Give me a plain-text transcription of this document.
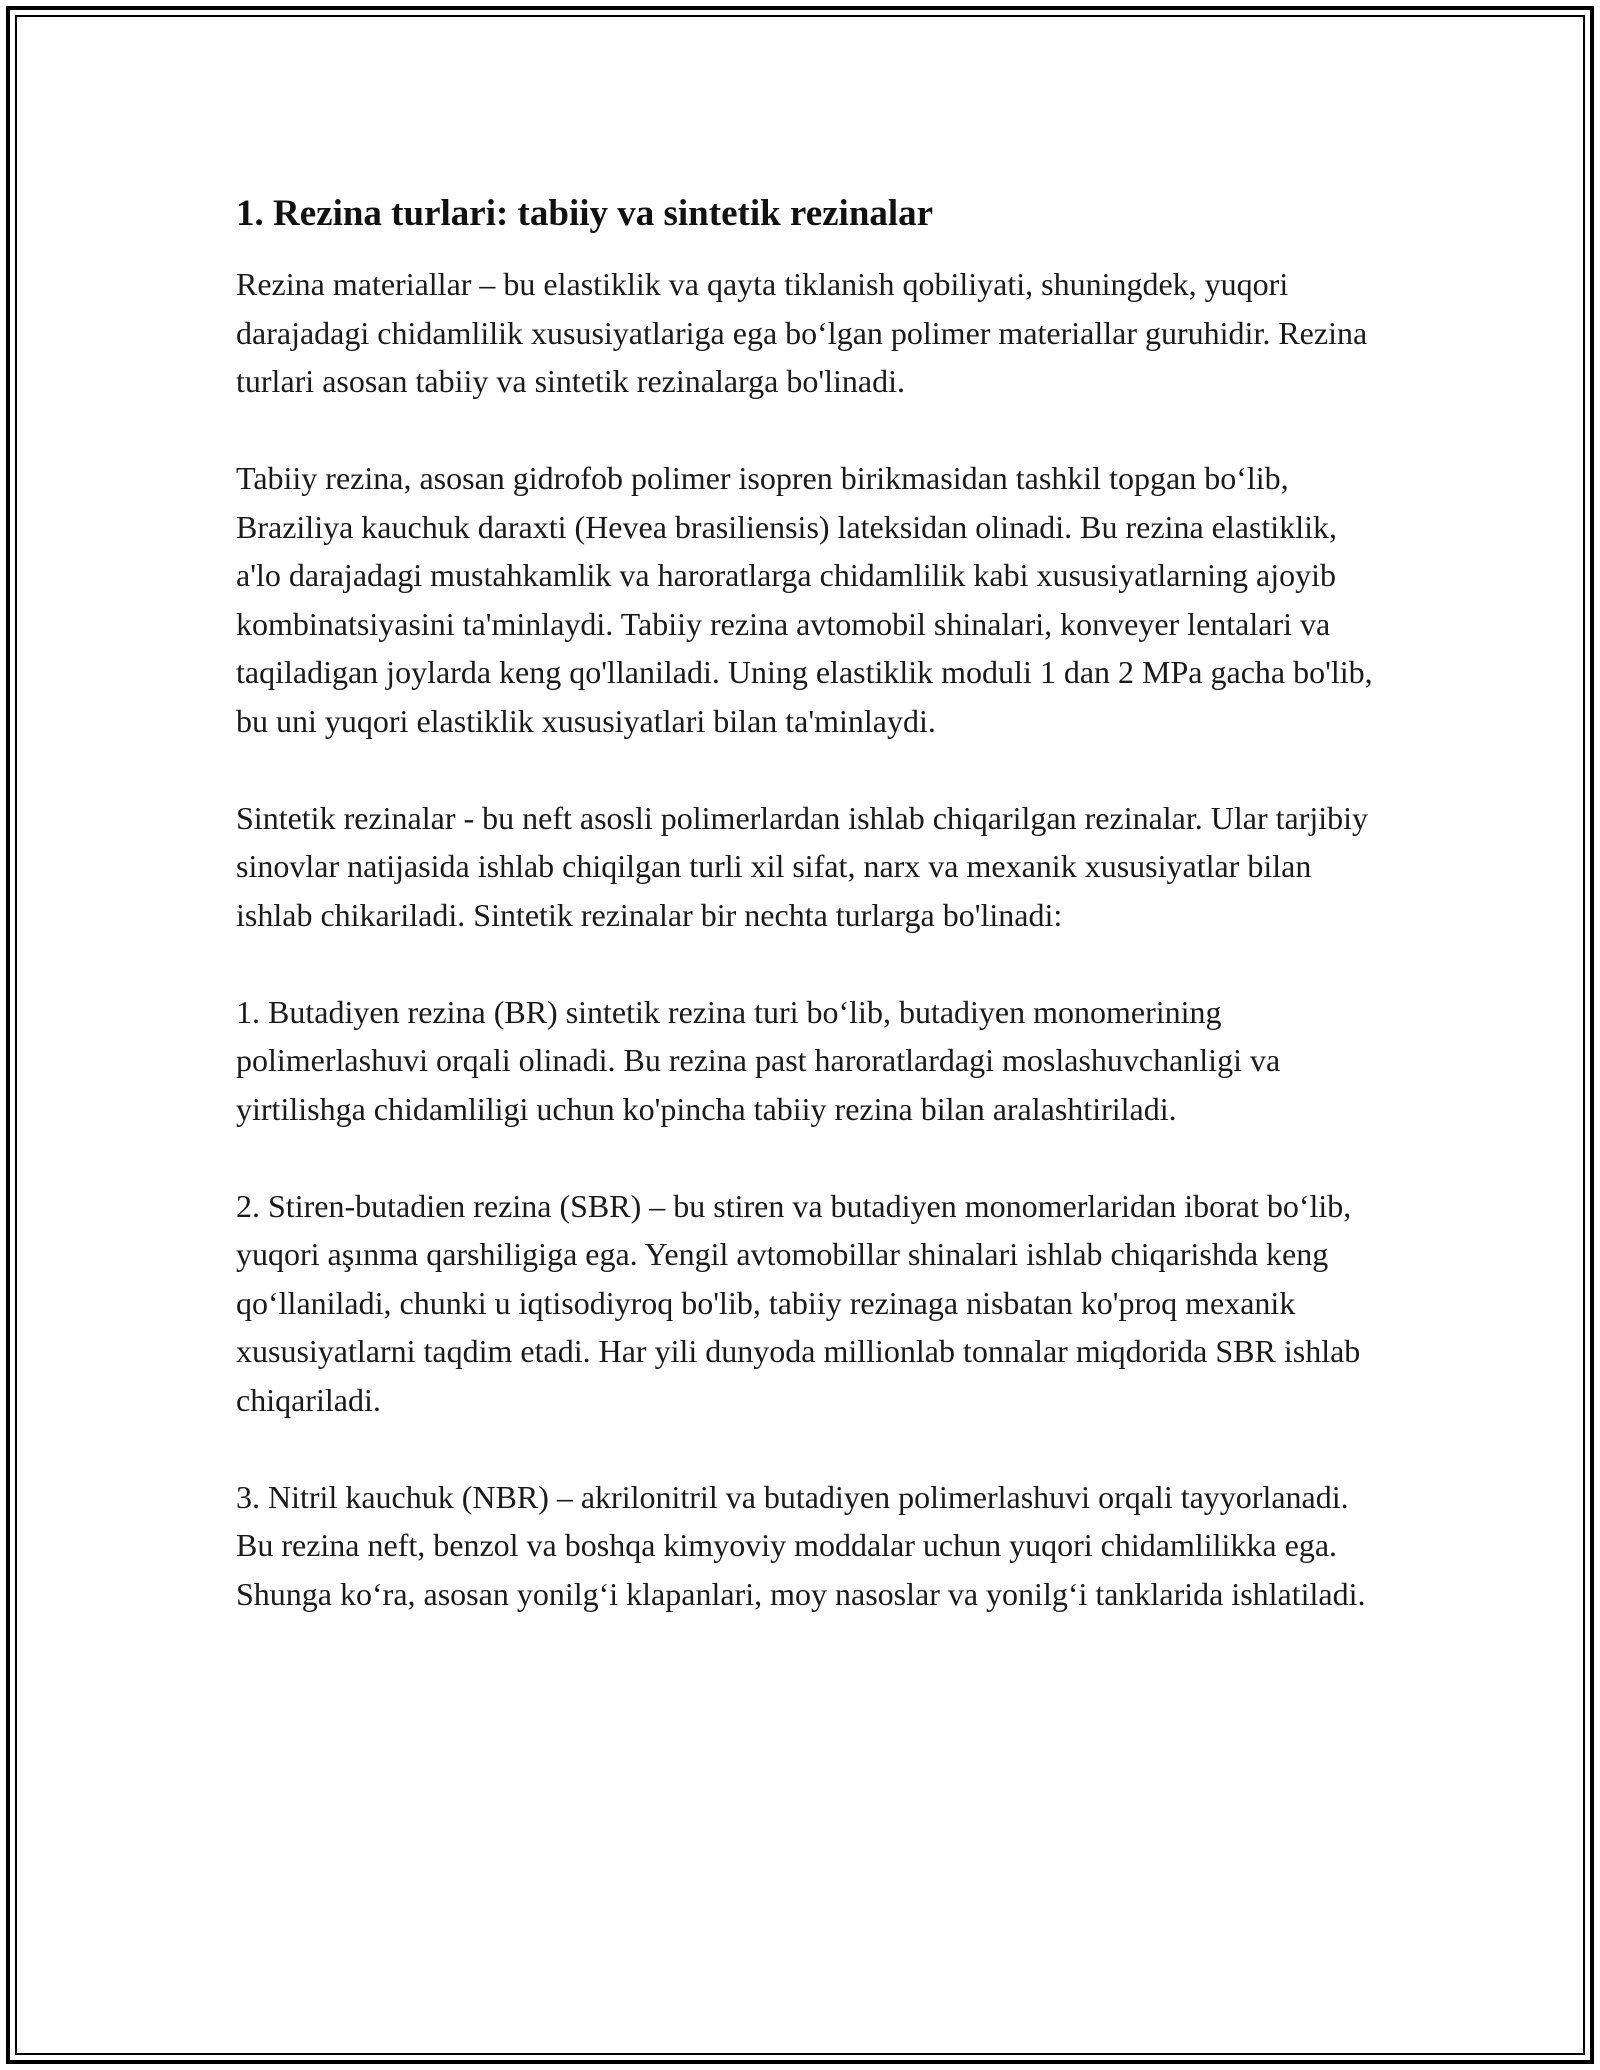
1. Rezina turlari: tabiiy va sintetik rezinalar

Rezina materiallar – bu elastiklik va qayta tiklanish qobiliyati, shuningdek, yuqori darajadagi chidamlilik xususiyatlariga ega bo‘lgan polimer materiallar guruhidir. Rezina turlari asosan tabiiy va sintetik rezinalarga bo'linadi.

Tabiiy rezina, asosan gidrofob polimer isopren birikmasidan tashkil topgan bo‘lib, Braziliya kauchuk daraxti (Hevea brasiliensis) lateksidan olinadi. Bu rezina elastiklik, a'lo darajadagi mustahkamlik va haroratlarga chidamlilik kabi xususiyatlarning ajoyib kombinatsiyasini ta'minlaydi. Tabiiy rezina avtomobil shinalari, konveyer lentalari va taqiladigan joylarda keng qo'llaniladi. Uning elastiklik moduli 1 dan 2 MPa gacha bo'lib, bu uni yuqori elastiklik xususiyatlari bilan ta'minlaydi.

Sintetik rezinalar - bu neft asosli polimerlardan ishlab chiqarilgan rezinalar. Ular tarjibiy sinovlar natijasida ishlab chiqilgan turli xil sifat, narx va mexanik xususiyatlar bilan ishlab chikariladi. Sintetik rezinalar bir nechta turlarga bo'linadi:

1. Butadiyen rezina (BR) sintetik rezina turi bo‘lib, butadiyen monomerining polimerlashuvi orqali olinadi. Bu rezina past haroratlardagi moslashuvchanligi va yirtilishga chidamliligi uchun ko'pincha tabiiy rezina bilan aralashtiriladi.

2. Stiren-butadien rezina (SBR) – bu stiren va butadiyen monomerlaridan iborat bo‘lib, yuqori aşınma qarshiligiga ega. Yengil avtomobillar shinalari ishlab chiqarishda keng qo‘llaniladi, chunki u iqtisodiyroq bo'lib, tabiiy rezinaga nisbatan ko'proq mexanik xususiyatlarni taqdim etadi. Har yili dunyoda millionlab tonnalar miqdorida SBR ishlab chiqariladi.

3. Nitril kauchuk (NBR) – akrilonitril va butadiyen polimerlashuvi orqali tayyorlanadi. Bu rezina neft, benzol va boshqa kimyoviy moddalar uchun yuqori chidamlilikka ega. Shunga ko‘ra, asosan yonilg‘i klapanlari, moy nasoslar va yonilg‘i tanklarida ishlatiladi.
